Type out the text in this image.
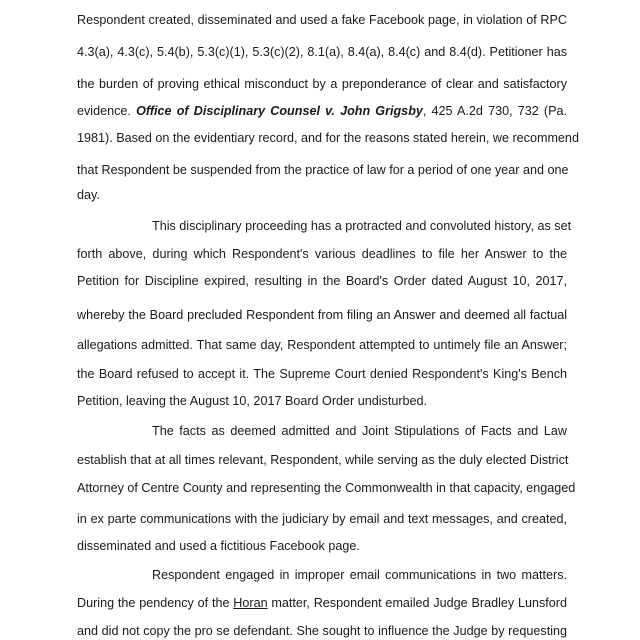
Respondent created, disseminated and used a fake Facebook page, in violation of RPC
4.3(a), 4.3(c), 5.4(b), 5.3(c)(1), 5.3(c)(2), 8.1(a), 8.4(a), 8.4(c) and 8.4(d). Petitioner has
the burden of proving ethical misconduct by a preponderance of clear and satisfactory
evidence. Office of Disciplinary Counsel v. John Grigsby, 425 A.2d 730, 732 (Pa.
1981). Based on the evidentiary record, and for the reasons stated herein, we recommend
that Respondent be suspended from the practice of law for a period of one year and one
day.
This disciplinary proceeding has a protracted and convoluted history, as set
forth above, during which Respondent's various deadlines to file her Answer to the
Petition for Discipline expired, resulting in the Board's Order dated August 10, 2017,
whereby the Board precluded Respondent from filing an Answer and deemed all factual
allegations admitted. That same day, Respondent attempted to untimely file an Answer;
the Board refused to accept it. The Supreme Court denied Respondent's King's Bench
Petition, leaving the August 10, 2017 Board Order undisturbed.
The facts as deemed admitted and Joint Stipulations of Facts and Law
establish that at all times relevant, Respondent, while serving as the duly elected District
Attorney of Centre County and representing the Commonwealth in that capacity, engaged
in ex parte communications with the judiciary by email and text messages, and created,
disseminated and used a fictitious Facebook page.
Respondent engaged in improper email communications in two matters.
During the pendency of the Horan matter, Respondent emailed Judge Bradley Lunsford
and did not copy the pro se defendant. She sought to influence the Judge by requesting
